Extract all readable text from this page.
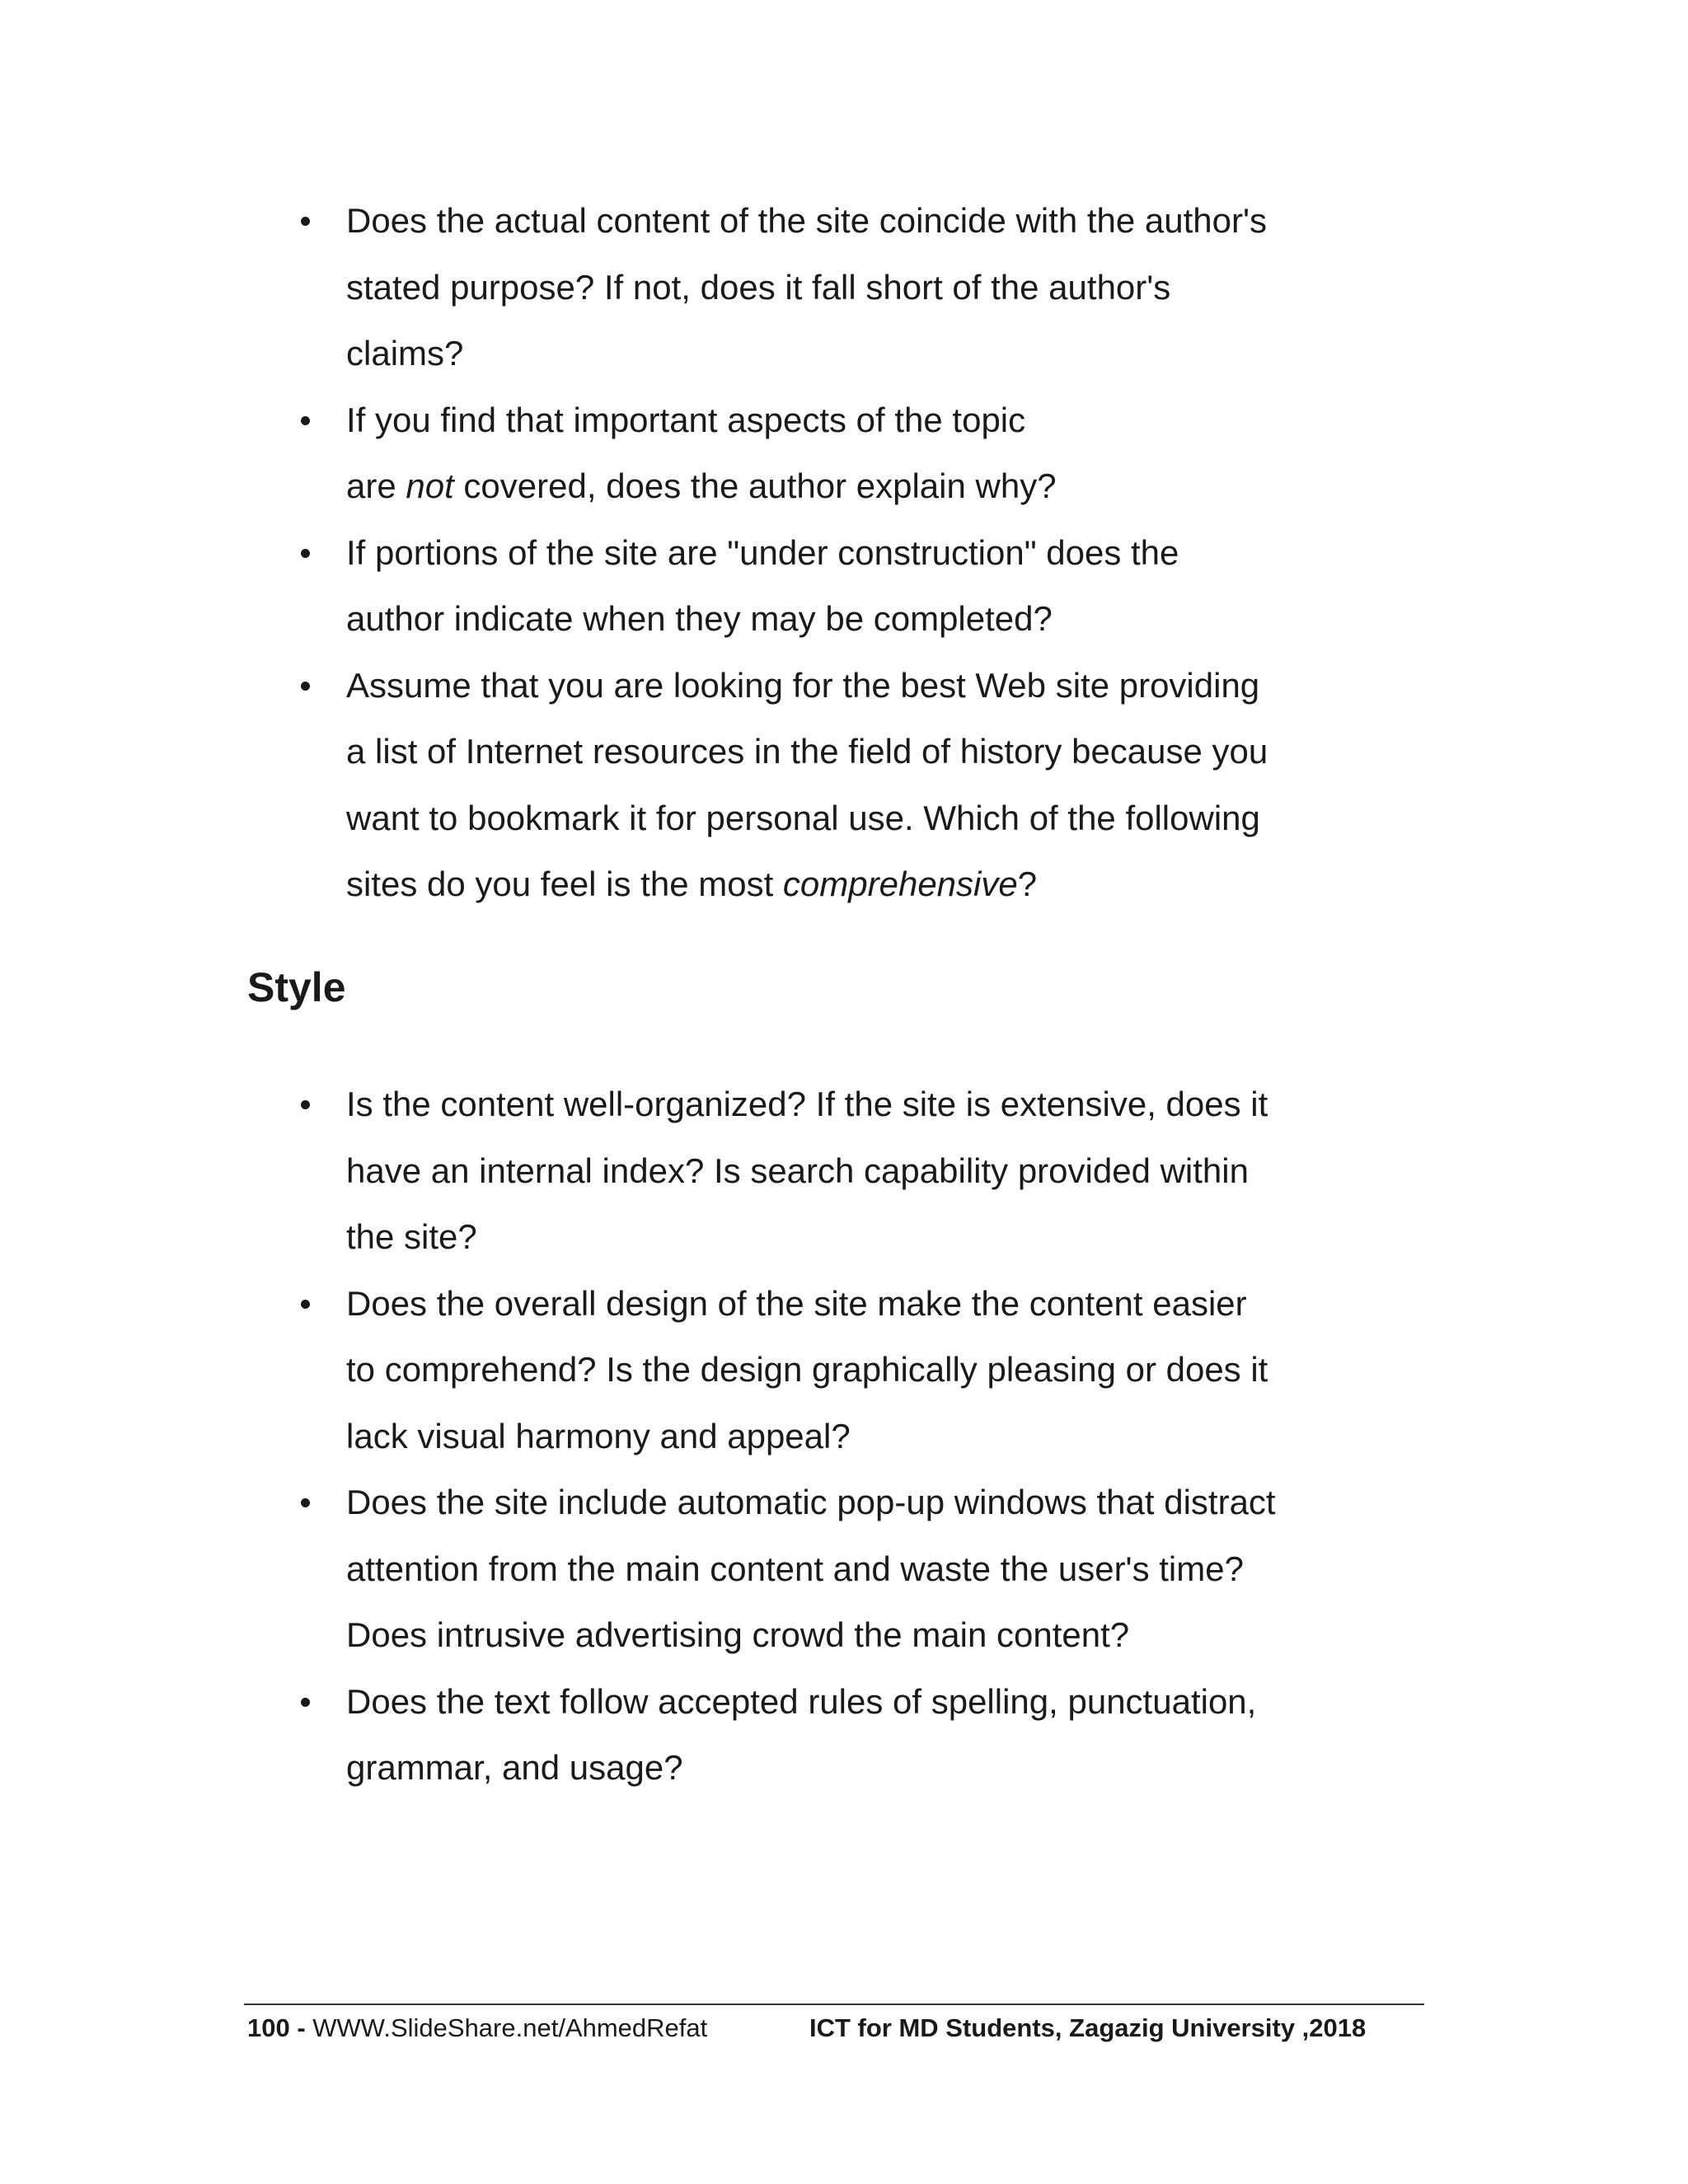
Does the actual content of the site coincide with the author's
stated purpose? If not, does it fall short of the author's
claims?
If you find that important aspects of the topic
are not covered, does the author explain why?
If portions of the site are "under construction" does the
author indicate when they may be completed?
Assume that you are looking for the best Web site providing
a list of Internet resources in the field of history because you
want to bookmark it for personal use. Which of the following
sites do you feel is the most comprehensive?
Style
Is the content well-organized? If the site is extensive, does it
have an internal index? Is search capability provided within
the site?
Does the overall design of the site make the content easier
to comprehend? Is the design graphically pleasing or does it
lack visual harmony and appeal?
Does the site include automatic pop-up windows that distract
attention from the main content and waste the user's time?
Does intrusive advertising crowd the main content?
Does the text follow accepted rules of spelling, punctuation,
grammar, and usage?
100 - WWW.SlideShare.net/AhmedRefat	ICT for MD Students, Zagazig University ,2018
